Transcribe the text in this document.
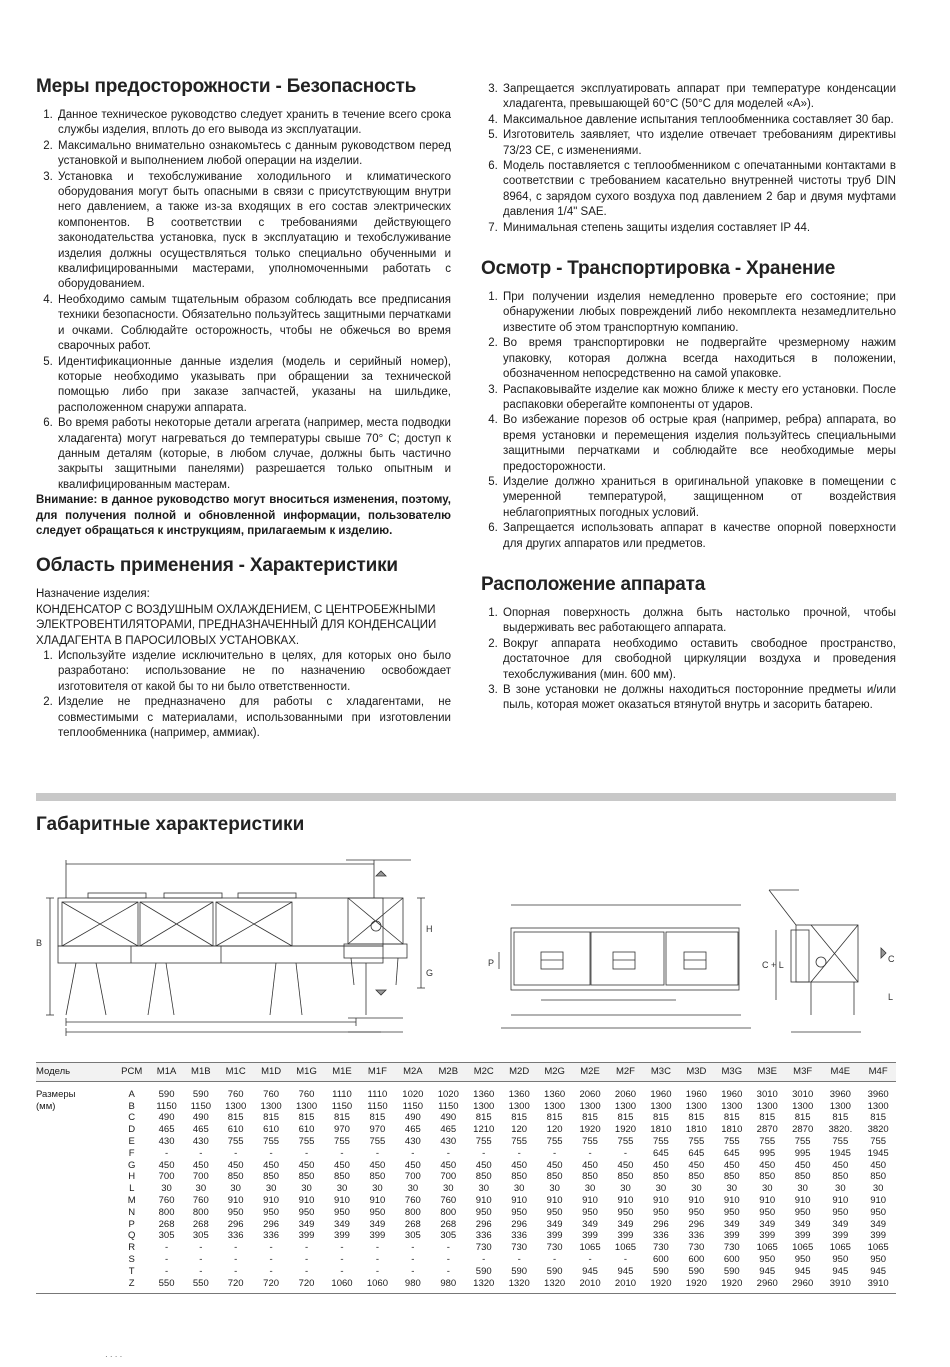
Меры предосторожности - Безопасность
1. Данное техническое руководство следует хранить в течение всего срока службы изделия, вплоть до его вывода из эксплуатации.
2. Максимально внимательно ознакомьтесь с данным руководством перед установкой и выполнением любой операции на изделии.
3. Установка и техобслуживание холодильного и климатического оборудования могут быть опасными в связи с присутствующим внутри него давлением, а также из-за входящих в его состав электрических компонентов. В соответствии с требованиями действующего законодательства установка, пуск в эксплуатацию и техобслуживание изделия должны осуществляться только специально обученными и квалифицированными мастерами, уполномоченными работать с оборудованием.
4. Необходимо самым тщательным образом соблюдать все предписания техники безопасности. Обязательно пользуйтесь защитными перчатками и очками. Соблюдайте осторожность, чтобы не обжечься во время сварочных работ.
5. Идентификационные данные изделия (модель и серийный номер), которые необходимо указывать при обращении за технической помощью либо при заказе запчастей, указаны на шильдике, расположенном снаружи аппарата.
6. Во время работы некоторые детали агрегата (например, места подводки хладагента) могут нагреваться до температуры свыше 70° С; доступ к данным деталям (которые, в любом случае, должны быть частично закрыты защитными панелями) разрешается только опытным и квалифицированным мастерам.

Внимание: в данное руководство могут вноситься изменения, поэтому, для получения полной и обновленной информации, пользователю следует обращаться к инструкциям, прилагаемым к изделию.

Область применения - Характеристики

Назначение изделия:

КОНДЕНСАТОР С ВОЗДУШНЫМ ОХЛАЖДЕНИЕМ, С ЦЕНТРОБЕЖНЫМИ ЭЛЕКТРОВЕНТИЛЯТОРАМИ, ПРЕДНАЗНАЧЕННЫЙ ДЛЯ КОНДЕНСАЦИИ ХЛАДАГЕНТА В ПАРОСИЛОВЫХ УСТАНОВКАХ.

1. Используйте изделие исключительно в целях, для которых оно было разработано: использование не по назначению освобождает изготовителя от какой бы то ни было ответственности.
2. Изделие не предназначено для работы с хладагентами, не совместимыми с материалами, использованными при изготовлении теплообменника (например, аммиак).
3. Запрещается эксплуатировать аппарат при температуре конденсации хладагента, превышающей 60°С (50°С для моделей «А»).
4. Максимальное давление испытания теплообменника составляет 30 бар.
5. Изготовитель заявляет, что изделие отвечает требованиям директивы 73/23 CE, с изменениями.
6. Модель поставляется с теплообменником с опечатанными контактами в соответствии с требованием касательно внутренней чистоты труб DIN 8964, с зарядом сухого воздуха под давлением 2 бар и двумя муфтами давления 1/4" SAE.
7. Минимальная степень защиты изделия составляет IP 44.
Осмотр - Транспортировка - Хранение
1. При получении изделия немедленно проверьте его состояние; при обнаружении любых повреждений либо некомплекта незамедлительно известите об этом транспортную компанию.
2. Во время транспортировки не подвергайте чрезмерному нажим упаковку, которая должна всегда находиться в положении, обозначенном непосредственно на самой упаковке.
3. Распаковывайте изделие как можно ближе к месту его установки. После распаковки оберегайте компоненты от ударов.
4. Во избежание порезов об острые края (например, ребра) аппарата, во время установки и перемещения изделия пользуйтесь специальными защитными перчатками и соблюдайте все необходимые меры предосторожности.
5. Изделие должно храниться в оригинальной упаковке в помещении с умеренной температурой, защищенном от воздействия неблагоприятных погодных условий.
6. Запрещается использовать аппарат в качестве опорной поверхности для других аппаратов или предметов.
Расположение аппарата
1. Опорная поверхность должна быть настолько прочной, чтобы выдерживать вес работающего аппарата.
2. Вокруг аппарата необходимо оставить свободное пространство, достаточное для свободной циркуляции воздуха и проведения техобслуживания (мин. 600 мм).
3. В зоне установки не должны находиться посторонние предметы и/или пыль, которая может оказаться втянутой внутрь и засорить батарею.
Габаритные характеристики
B
H
G
P	C + L
C
L
Модель	PCM	M1A	M1B	M1C	M1D	M1G	M1E	M1F	M2A	M2B	M2C	M2D	M2G	M2E	M2F	M3C	M3D	M3G	M3E	M3F	M4E	M4F
Размеры	A	590	590	760	760	760	1110	1110	1020	1020	1360	1360	1360	2060	2060	1960	1960	1960	3010	3010	3960	3960
(мм)	B	1150	1150	1300	1300	1300	1150	1150	1150	1150	1300	1300	1300	1300	1300	1300	1300	1300	1300	1300	1300	1300
	C	490	490	815	815	815	815	815	490	490	815	815	815	815	815	815	815	815	815	815	815	815
	D	465	465	610	610	610	970	970	465	465	1210	120	120	1920	1920	1810	1810	1810	2870	2870	3820.	3820
	E	430	430	755	755	755	755	755	430	430	755	755	755	755	755	755	755	755	755	755	755	755
	F	-	-	-	-	-	-	-	-	-	-	-	-	-	-	645	645	645	995	995	1945	1945
	G	450	450	450	450	450	450	450	450	450	450	450	450	450	450	450	450	450	450	450	450	450
	H	700	700	850	850	850	850	850	700	700	850	850	850	850	850	850	850	850	850	850	850	850
	L	30	30	30	30	30	30	30	30	30	30	30	30	30	30	30	30	30	30	30	30	30
	M	760	760	910	910	910	910	910	760	760	910	910	910	910	910	910	910	910	910	910	910	910
	N	800	800	950	950	950	950	950	800	800	950	950	950	950	950	950	950	950	950	950	950	950
	P	268	268	296	296	349	349	349	268	268	296	296	349	349	349	296	296	349	349	349	349	349
	Q	305	305	336	336	399	399	399	305	305	336	336	399	399	399	336	336	399	399	399	399	399
	R	-	-	-	-	-	-	-	-	-	730	730	730	1065	1065	730	730	730	1065	1065	1065	1065
	S	-	-	-	-	-	-	-	-	-	-	-	-	-	-	600	600	600	950	950	950	950
	T	-	-	-	-	-	-	-	-	-	590	590	590	945	945	590	590	590	945	945	945	945
	Z	550	550	720	720	720	1060	1060	980	980	1320	1320	1320	2010	2010	1920	1920	1920	2960	2960	3910	3910
· · · ·
